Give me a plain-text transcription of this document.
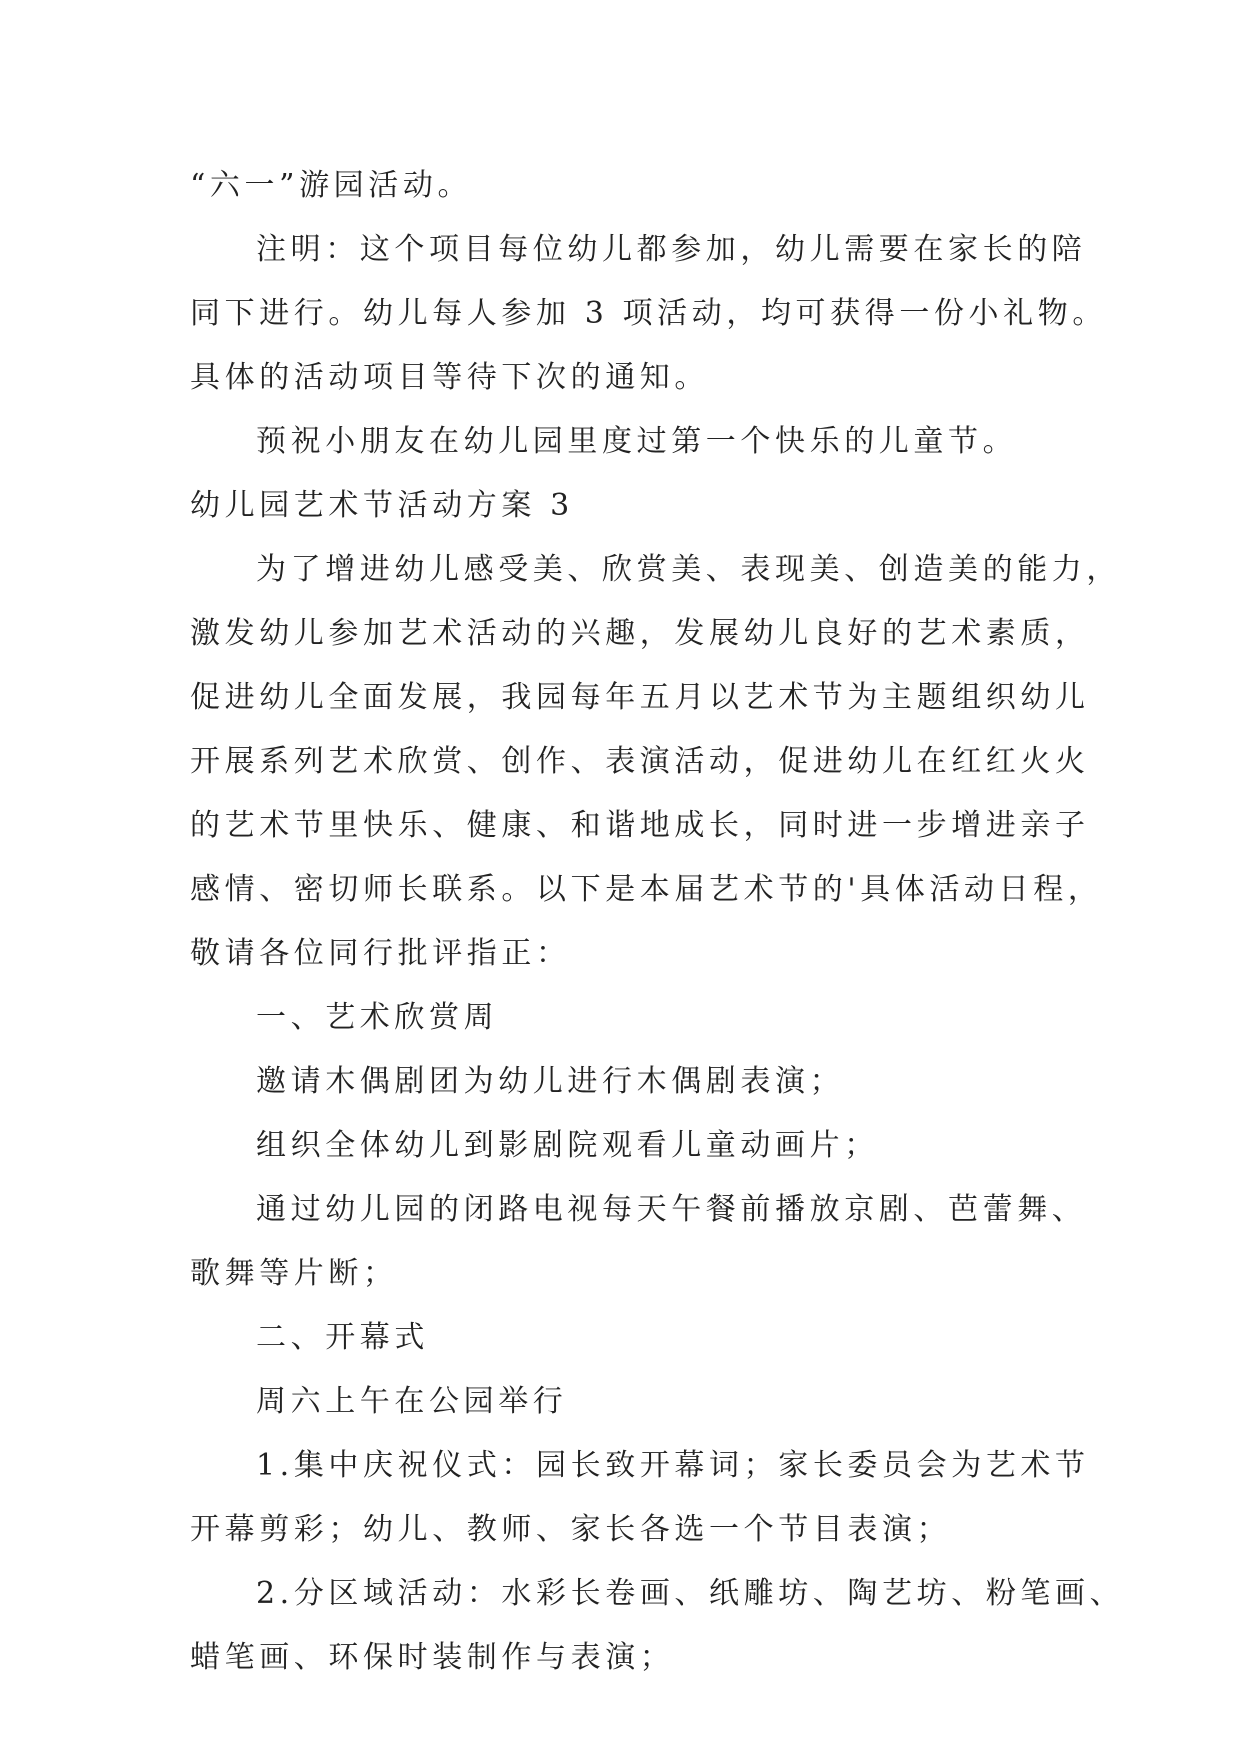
“六一”游园活动。

注明：这个项目每位幼儿都参加，幼儿需要在家长的陪

同下进行。幼儿每人参加 3 项活动，均可获得一份小礼物。

具体的活动项目等待下次的通知。

预祝小朋友在幼儿园里度过第一个快乐的儿童节。

幼儿园艺术节活动方案 3

为了增进幼儿感受美、欣赏美、表现美、创造美的能力，

激发幼儿参加艺术活动的兴趣，发展幼儿良好的艺术素质，

促进幼儿全面发展，我园每年五月以艺术节为主题组织幼儿

开展系列艺术欣赏、创作、表演活动，促进幼儿在红红火火

的艺术节里快乐、健康、和谐地成长，同时进一步增进亲子

感情、密切师长联系。以下是本届艺术节的'具体活动日程，

敬请各位同行批评指正：

一、艺术欣赏周

邀请木偶剧团为幼儿进行木偶剧表演；

组织全体幼儿到影剧院观看儿童动画片；

通过幼儿园的闭路电视每天午餐前播放京剧、芭蕾舞、

歌舞等片断；

二、开幕式

周六上午在公园举行

1.集中庆祝仪式：园长致开幕词；家长委员会为艺术节

开幕剪彩；幼儿、教师、家长各选一个节目表演；

2.分区域活动：水彩长卷画、纸雕坊、陶艺坊、粉笔画、

蜡笔画、环保时装制作与表演；
